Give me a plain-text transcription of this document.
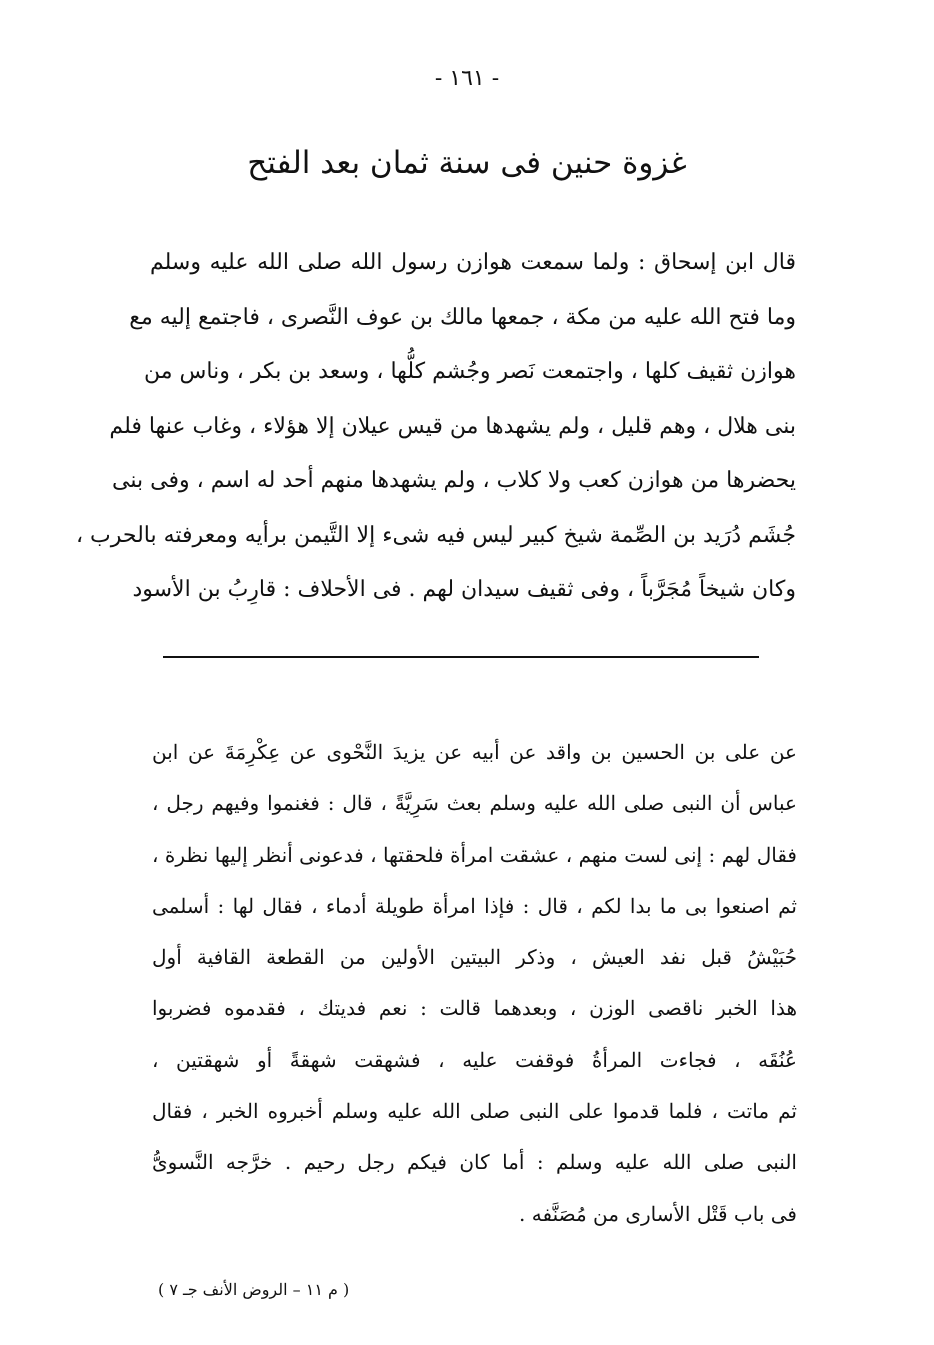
- ١٦١ -
غزوة حنين فى سنة ثمان بعد الفتح
قال ابن إسحاق : ولما سمعت هوازن رسول الله صلى الله عليه وسلم
وما فتح الله عليه من مكة ، جمعها مالك بن عوف النَّصرى ، فاجتمع إليه مع
هوازن ثقيف كلها ، واجتمعت نَصر وجُشم كلُّها ، وسعد بن بكر ، وناس من
بنى هلال ، وهم قليل ، ولم يشهدها من قيس عيلان إلا هؤلاء ، وغاب عنها فلم
يحضرها من هوازن كعب ولا كلاب ، ولم يشهدها منهم أحد له اسم ، وفى بنى
جُشَم دُرَيد بن الصِّمة شيخ كبير ليس فيه شىء إلا التَّيمن برأيه ومعرفته بالحرب ،
وكان شيخاً مُجَرَّباً ، وفى ثقيف سيدان لهم . فى الأحلاف : قارِبُ بن الأسود
عن على بن الحسين بن واقد عن أبيه عن يزيدَ النَّحْوى عن عِكْرِمَةَ عن ابن
عباس أن النبى صلى الله عليه وسلم بعث سَرِيَّةً ، قال : فغنموا وفيهم رجل ،
فقال لهم : إنى لست منهم ، عشقت امرأة فلحقتها ، فدعونى أنظر إليها نظرة ،
ثم اصنعوا بى ما بدا لكم ، قال : فإذا امرأة طويلة أدماء ، فقال لها : أسلمى
حُبَيْشُ قبل نفد العيش ، وذكر البيتين الأولين من القطعة القافية أول
هذا الخبر ناقصى الوزن ، وبعدهما قالت : نعم فديتك ، فقدموه فضربوا
عُنُقَه ، فجاءت المرأةُ فوقفت عليه ، فشهقت شهقةً أو شهقتين ،
ثم ماتت ، فلما قدموا على النبى صلى الله عليه وسلم أخبروه الخبر ، فقال
النبى صلى الله عليه وسلم : أما كان فيكم رجل رحيم . خرَّجه النَّسوىُّ
فى باب قَتْل الأسارى من مُصَنَّفه .
( م ١١ – الروض الأنف جـ ٧ )
